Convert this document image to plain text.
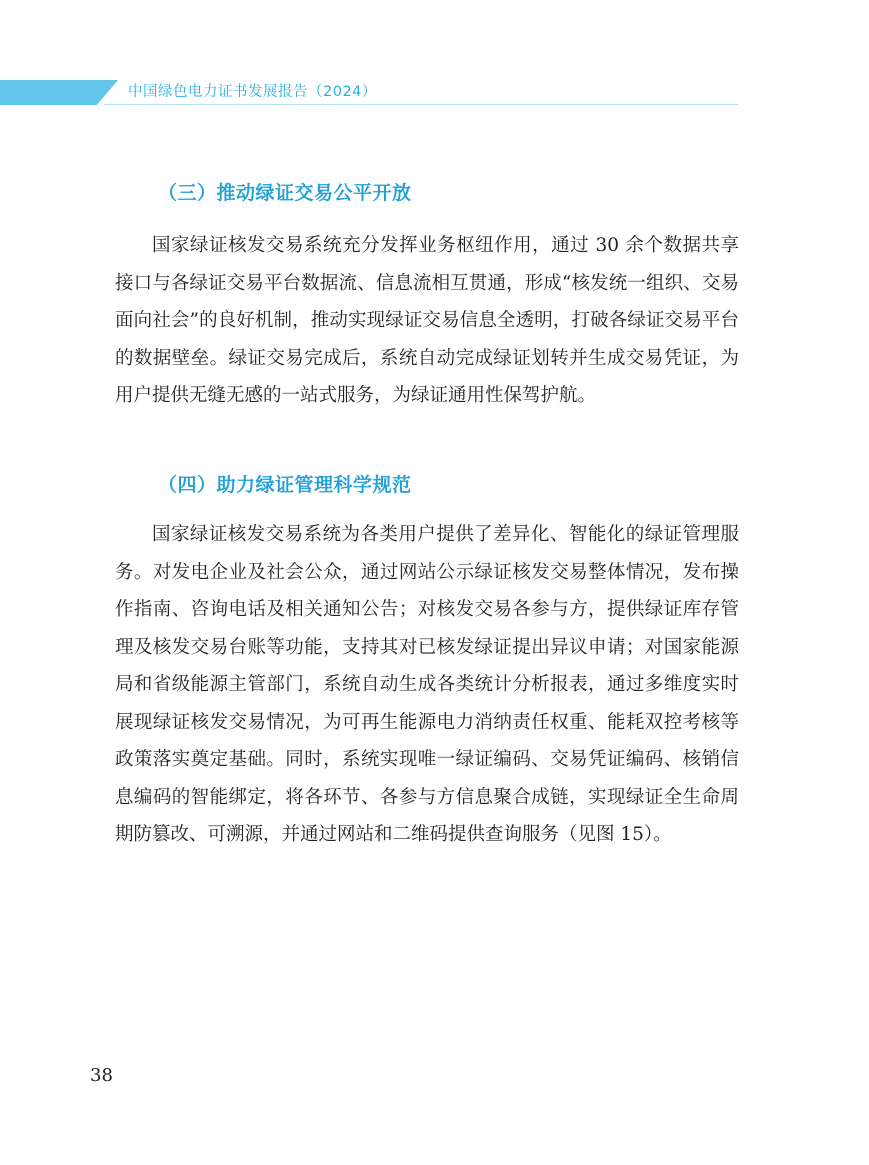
中国绿色电力证书发展报告（2024）
（三）推动绿证交易公平开放

国家绿证核发交易系统充分发挥业务枢纽作用，通过 30 余个数据共享接口与各绿证交易平台数据流、信息流相互贯通，形成“核发统一组织、交易面向社会”的良好机制，推动实现绿证交易信息全透明，打破各绿证交易平台的数据壁垒。绿证交易完成后，系统自动完成绿证划转并生成交易凭证，为用户提供无缝无感的一站式服务，为绿证通用性保驾护航。

（四）助力绿证管理科学规范

国家绿证核发交易系统为各类用户提供了差异化、智能化的绿证管理服务。对发电企业及社会公众，通过网站公示绿证核发交易整体情况，发布操作指南、咨询电话及相关通知公告；对核发交易各参与方，提供绿证库存管理及核发交易台账等功能，支持其对已核发绿证提出异议申请；对国家能源局和省级能源主管部门，系统自动生成各类统计分析报表，通过多维度实时展现绿证核发交易情况，为可再生能源电力消纳责任权重、能耗双控考核等政策落实奠定基础。同时，系统实现唯一绿证编码、交易凭证编码、核销信息编码的智能绑定，将各环节、各参与方信息聚合成链，实现绿证全生命周期防篡改、可溯源，并通过网站和二维码提供查询服务（见图 15）。

38
